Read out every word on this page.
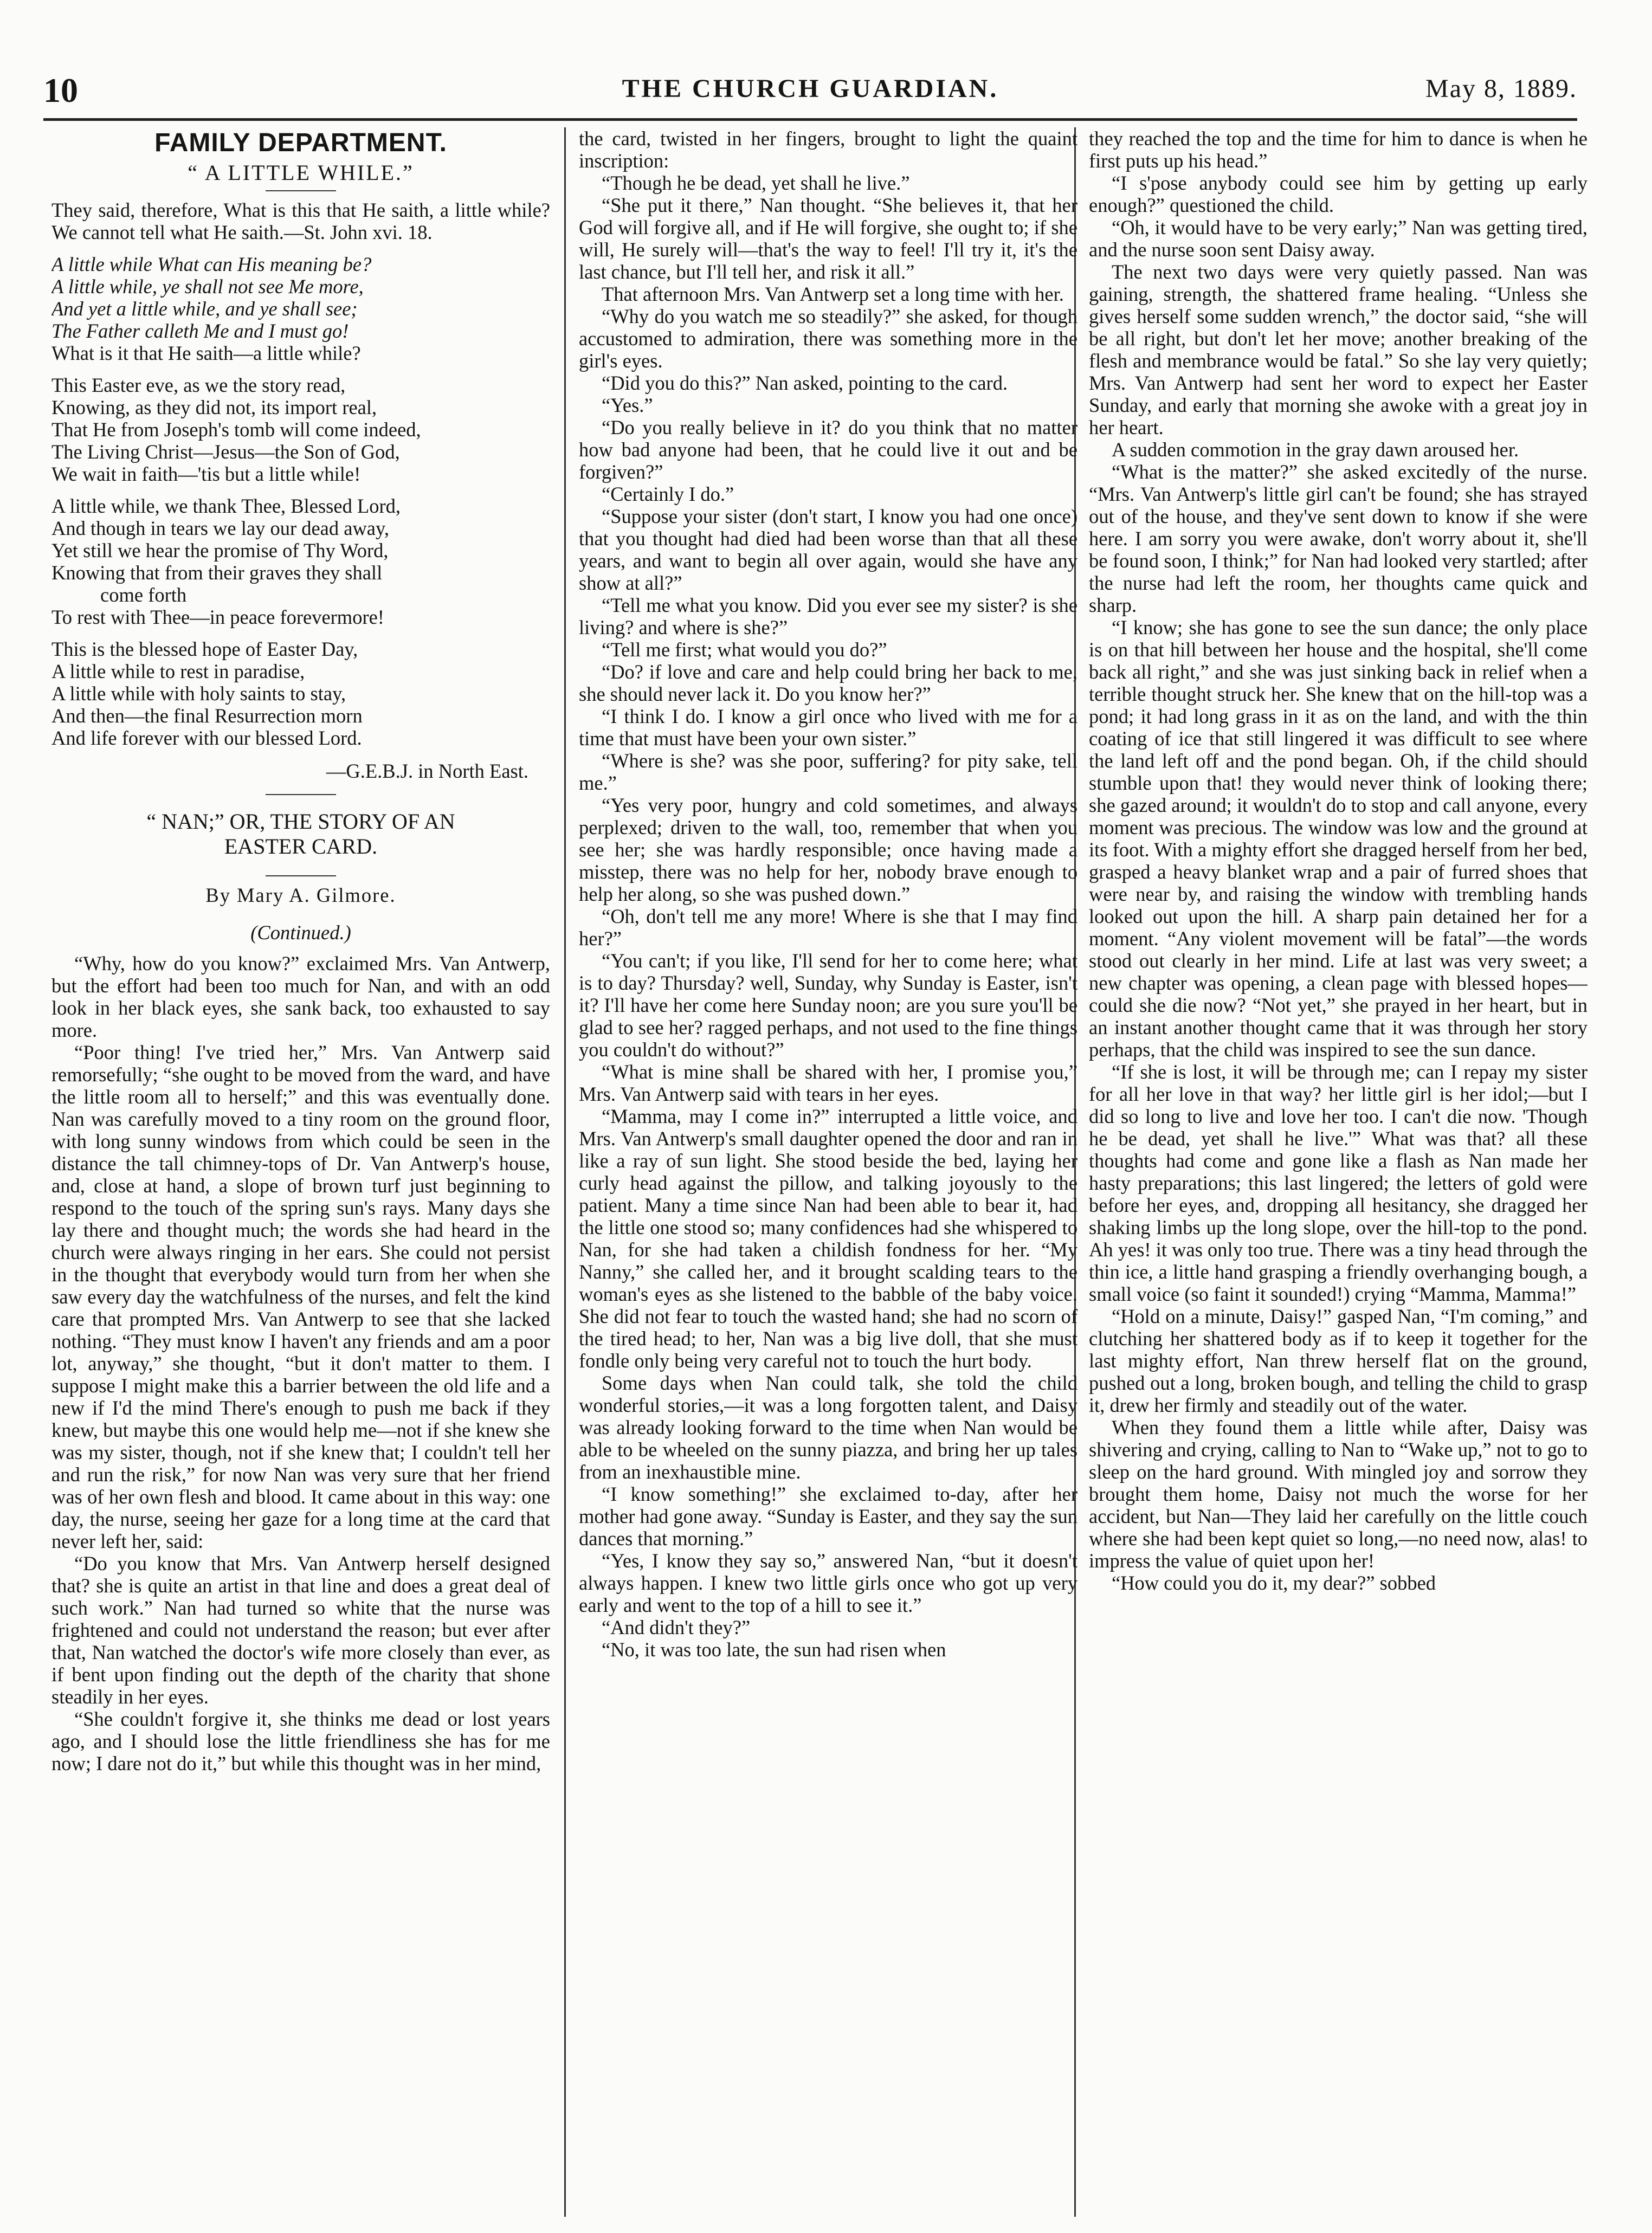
10	THE CHURCH GUARDIAN.	May 8, 1889.
FAMILY DEPARTMENT.
“ A LITTLE WHILE.”

They said, therefore, What is this that He saith, a little while? We cannot tell what He saith.—St. John xvi. 18.

A little while What can His meaning be?
A little while, ye shall not see Me more,
And yet a little while, and ye shall see;
The Father calleth Me and I must go!
What is it that He saith—a little while?
This Easter eve, as we the story read,
Knowing, as they did not, its import real,
That He from Joseph's tomb will come indeed,
The Living Christ—Jesus—the Son of God,
We wait in faith—'tis but a little while!
A little while, we thank Thee, Blessed Lord,
And though in tears we lay our dead away,
Yet still we hear the promise of Thy Word,
Knowing that from their graves they shall
come forth
To rest with Thee—in peace forevermore!
This is the blessed hope of Easter Day,
A little while to rest in paradise,
A little while with holy saints to stay,
And then—the final Resurrection morn
And life forever with our blessed Lord.
—G.E.B.J. in North East.
“ NAN;” OR, THE STORY OF AN
EASTER CARD.
By Mary A. Gilmore.
(Continued.)

“Why, how do you know?” exclaimed Mrs. Van Antwerp, but the effort had been too much for Nan, and with an odd look in her black eyes, she sank back, too exhausted to say more.

“Poor thing! I've tried her,” Mrs. Van Antwerp said remorsefully; “she ought to be moved from the ward, and have the little room all to herself;” and this was eventually done. Nan was carefully moved to a tiny room on the ground floor, with long sunny windows from which could be seen in the distance the tall chimney-tops of Dr. Van Antwerp's house, and, close at hand, a slope of brown turf just beginning to respond to the touch of the spring sun's rays. Many days she lay there and thought much; the words she had heard in the church were always ringing in her ears. She could not persist in the thought that everybody would turn from her when she saw every day the watchfulness of the nurses, and felt the kind care that prompted Mrs. Van Antwerp to see that she lacked nothing. “They must know I haven't any friends and am a poor lot, anyway,” she thought, “but it don't matter to them. I suppose I might make this a barrier between the old life and a new if I'd the mind There's enough to push me back if they knew, but maybe this one would help me—not if she knew she was my sister, though, not if she knew that; I couldn't tell her and run the risk,” for now Nan was very sure that her friend was of her own flesh and blood. It came about in this way: one day, the nurse, seeing her gaze for a long time at the card that never left her, said:

“Do you know that Mrs. Van Antwerp herself designed that? she is quite an artist in that line and does a great deal of such work.” Nan had turned so white that the nurse was frightened and could not understand the reason; but ever after that, Nan watched the doctor's wife more closely than ever, as if bent upon finding out the depth of the charity that shone steadily in her eyes.

“She couldn't forgive it, she thinks me dead or lost years ago, and I should lose the little friendliness she has for me now; I dare not do it,” but while this thought was in her mind,

the card, twisted in her fingers, brought to light the quaint inscription:

“Though he be dead, yet shall he live.”

“She put it there,” Nan thought. “She believes it, that her God will forgive all, and if He will forgive, she ought to; if she will, He surely will—that's the way to feel! I'll try it, it's the last chance, but I'll tell her, and risk it all.”

That afternoon Mrs. Van Antwerp set a long time with her.

“Why do you watch me so steadily?” she asked, for though accustomed to admiration, there was something more in the girl's eyes.

“Did you do this?” Nan asked, pointing to the card.

“Yes.”

“Do you really believe in it? do you think that no matter how bad anyone had been, that he could live it out and be forgiven?”

“Certainly I do.”

“Suppose your sister (don't start, I know you had one once) that you thought had died had been worse than that all these years, and want to begin all over again, would she have any show at all?”

“Tell me what you know. Did you ever see my sister? is she living? and where is she?”

“Tell me first; what would you do?”

“Do? if love and care and help could bring her back to me, she should never lack it. Do you know her?”

“I think I do. I know a girl once who lived with me for a time that must have been your own sister.”

“Where is she? was she poor, suffering? for pity sake, tell me.”

“Yes very poor, hungry and cold sometimes, and always perplexed; driven to the wall, too, remember that when you see her; she was hardly responsible; once having made a misstep, there was no help for her, nobody brave enough to help her along, so she was pushed down.”

“Oh, don't tell me any more! Where is she that I may find her?”

“You can't; if you like, I'll send for her to come here; what is to day? Thursday? well, Sunday, why Sunday is Easter, isn't it? I'll have her come here Sunday noon; are you sure you'll be glad to see her? ragged perhaps, and not used to the fine things you couldn't do without?”

“What is mine shall be shared with her, I promise you,” Mrs. Van Antwerp said with tears in her eyes.

“Mamma, may I come in?” interrupted a little voice, and Mrs. Van Antwerp's small daughter opened the door and ran in like a ray of sun light. She stood beside the bed, laying her curly head against the pillow, and talking joyously to the patient. Many a time since Nan had been able to bear it, had the little one stood so; many confidences had she whispered to Nan, for she had taken a childish fondness for her. “My Nanny,” she called her, and it brought scalding tears to the woman's eyes as she listened to the babble of the baby voice. She did not fear to touch the wasted hand; she had no scorn of the tired head; to her, Nan was a big live doll, that she must fondle only being very careful not to touch the hurt body.

Some days when Nan could talk, she told the child wonderful stories,—it was a long forgotten talent, and Daisy was already looking forward to the time when Nan would be able to be wheeled on the sunny piazza, and bring her up tales from an inexhaustible mine.

“I know something!” she exclaimed to-day, after her mother had gone away. “Sunday is Easter, and they say the sun dances that morning.”

“Yes, I know they say so,” answered Nan, “but it doesn't always happen. I knew two little girls once who got up very early and went to the top of a hill to see it.”

“And didn't they?”

“No, it was too late, the sun had risen when

they reached the top and the time for him to dance is when he first puts up his head.”

“I s'pose anybody could see him by getting up early enough?” questioned the child.

“Oh, it would have to be very early;” Nan was getting tired, and the nurse soon sent Daisy away.

The next two days were very quietly passed. Nan was gaining, strength, the shattered frame healing. “Unless she gives herself some sudden wrench,” the doctor said, “she will be all right, but don't let her move; another breaking of the flesh and membrance would be fatal.” So she lay very quietly; Mrs. Van Antwerp had sent her word to expect her Easter Sunday, and early that morning she awoke with a great joy in her heart.

A sudden commotion in the gray dawn aroused her.

“What is the matter?” she asked excitedly of the nurse. “Mrs. Van Antwerp's little girl can't be found; she has strayed out of the house, and they've sent down to know if she were here. I am sorry you were awake, don't worry about it, she'll be found soon, I think;” for Nan had looked very startled; after the nurse had left the room, her thoughts came quick and sharp.

“I know; she has gone to see the sun dance; the only place is on that hill between her house and the hospital, she'll come back all right,” and she was just sinking back in relief when a terrible thought struck her. She knew that on the hill-top was a pond; it had long grass in it as on the land, and with the thin coating of ice that still lingered it was difficult to see where the land left off and the pond began. Oh, if the child should stumble upon that! they would never think of looking there; she gazed around; it wouldn't do to stop and call anyone, every moment was precious. The window was low and the ground at its foot. With a mighty effort she dragged herself from her bed, grasped a heavy blanket wrap and a pair of furred shoes that were near by, and raising the window with trembling hands looked out upon the hill. A sharp pain detained her for a moment. “Any violent movement will be fatal”—the words stood out clearly in her mind. Life at last was very sweet; a new chapter was opening, a clean page with blessed hopes—could she die now? “Not yet,” she prayed in her heart, but in an instant another thought came that it was through her story perhaps, that the child was inspired to see the sun dance.

“If she is lost, it will be through me; can I repay my sister for all her love in that way? her little girl is her idol;—but I did so long to live and love her too. I can't die now. 'Though he be dead, yet shall he live.'” What was that? all these thoughts had come and gone like a flash as Nan made her hasty preparations; this last lingered; the letters of gold were before her eyes, and, dropping all hesitancy, she dragged her shaking limbs up the long slope, over the hill-top to the pond. Ah yes! it was only too true. There was a tiny head through the thin ice, a little hand grasping a friendly overhanging bough, a small voice (so faint it sounded!) crying “Mamma, Mamma!”

“Hold on a minute, Daisy!” gasped Nan, “I'm coming,” and clutching her shattered body as if to keep it together for the last mighty effort, Nan threw herself flat on the ground, pushed out a long, broken bough, and telling the child to grasp it, drew her firmly and steadily out of the water.

When they found them a little while after, Daisy was shivering and crying, calling to Nan to “Wake up,” not to go to sleep on the hard ground. With mingled joy and sorrow they brought them home, Daisy not much the worse for her accident, but Nan—They laid her carefully on the little couch where she had been kept quiet so long,—no need now, alas! to impress the value of quiet upon her!

“How could you do it, my dear?” sobbed
